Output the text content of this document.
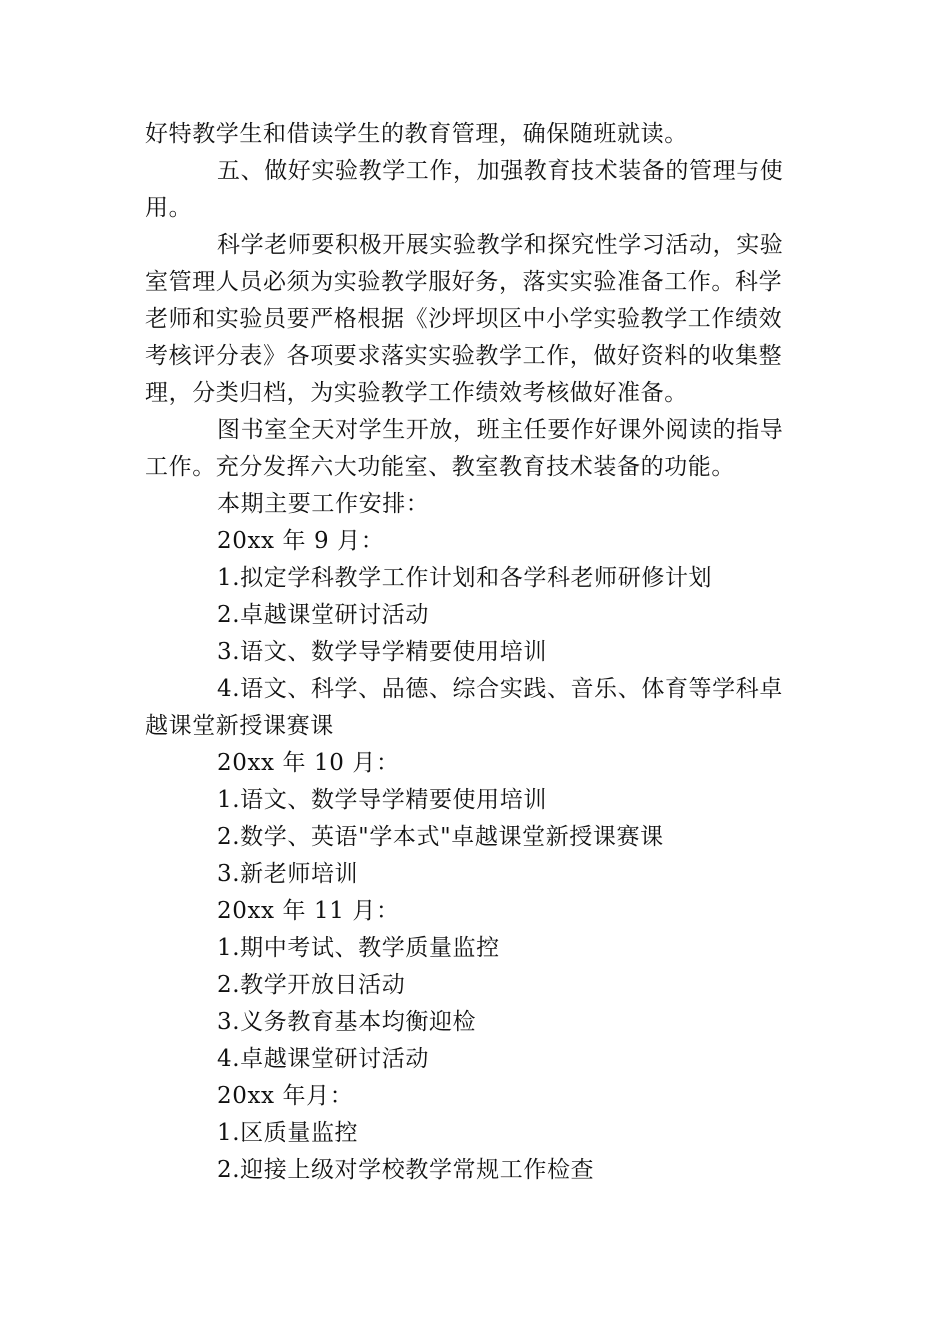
好特教学生和借读学生的教育管理，确保随班就读。

五、做好实验教学工作，加强教育技术装备的管理与使用。

科学老师要积极开展实验教学和探究性学习活动，实验室管理人员必须为实验教学服好务，落实实验准备工作。科学老师和实验员要严格根据《沙坪坝区中小学实验教学工作绩效考核评分表》各项要求落实实验教学工作，做好资料的收集整理，分类归档，为实验教学工作绩效考核做好准备。

图书室全天对学生开放，班主任要作好课外阅读的指导工作。充分发挥六大功能室、教室教育技术装备的功能。

本期主要工作安排：

20xx 年 9 月：

1.拟定学科教学工作计划和各学科老师研修计划

2.卓越课堂研讨活动

3.语文、数学导学精要使用培训

4.语文、科学、品德、综合实践、音乐、体育等学科卓越课堂新授课赛课

20xx 年 10 月：

1.语文、数学导学精要使用培训

2.数学、英语"学本式"卓越课堂新授课赛课

3.新老师培训

20xx 年 11 月：

1.期中考试、教学质量监控

2.教学开放日活动

3.义务教育基本均衡迎检

4.卓越课堂研讨活动

20xx 年月：

1.区质量监控

2.迎接上级对学校教学常规工作检查
